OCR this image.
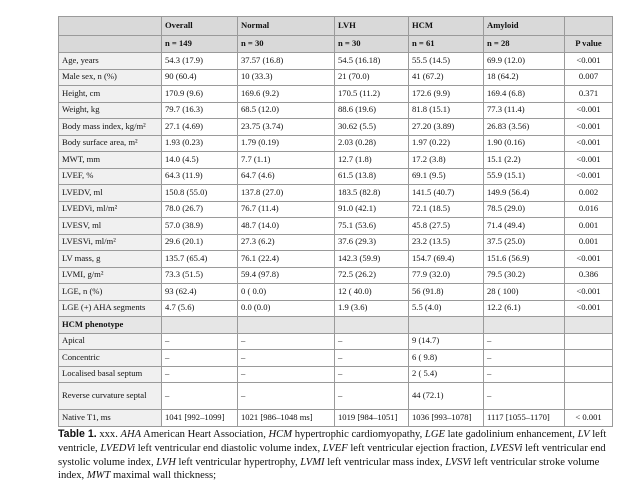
	Overall	Normal	LVH	HCM	Amyloid	
	n = 149	n = 30	n = 30	n = 61	n = 28	P value
Age, years	54.3 (17.9)	37.57 (16.8)	54.5 (16.18)	55.5 (14.5)	69.9 (12.0)	<0.001
Male sex, n (%)	90 (60.4)	10 (33.3)	21 (70.0)	41 (67.2)	18 (64.2)	0.007
Height, cm	170.9 (9.6)	169.6 (9.2)	170.5 (11.2)	172.6 (9.9)	169.4 (6.8)	0.371
Weight, kg	79.7 (16.3)	68.5 (12.0)	88.6 (19.6)	81.8 (15.1)	77.3 (11.4)	<0.001
Body mass index, kg/m²	27.1 (4.69)	23.75 (3.74)	30.62 (5.5)	27.20 (3.89)	26.83 (3.56)	<0.001
Body surface area, m²	1.93 (0.23)	1.79 (0.19)	2.03 (0.28)	1.97 (0.22)	1.90 (0.16)	<0.001
MWT, mm	14.0 (4.5)	7.7 (1.1)	12.7 (1.8)	17.2 (3.8)	15.1 (2.2)	<0.001
LVEF, %	64.3 (11.9)	64.7 (4.6)	61.5 (13.8)	69.1 (9.5)	55.9 (15.1)	<0.001
LVEDV, ml	150.8 (55.0)	137.8 (27.0)	183.5 (82.8)	141.5 (40.7)	149.9 (56.4)	0.002
LVEDVi, ml/m²	78.0 (26.7)	76.7 (11.4)	91.0 (42.1)	72.1 (18.5)	78.5 (29.0)	0.016
LVESV, ml	57.0 (38.9)	48.7 (14.0)	75.1 (53.6)	45.8 (27.5)	71.4 (49.4)	0.001
LVESVi, ml/m²	29.6 (20.1)	27.3 (6.2)	37.6 (29.3)	23.2 (13.5)	37.5 (25.0)	0.001
LV mass, g	135.7 (65.4)	76.1 (22.4)	142.3 (59.9)	154.7 (69.4)	151.6 (56.9)	<0.001
LVMI, g/m²	73.3 (51.5)	59.4 (97.8)	72.5 (26.2)	77.9 (32.0)	79.5 (30.2)	0.386
LGE, n (%)	93 (62.4)	0 ( 0.0)	12 ( 40.0)	56 (91.8)	28 ( 100)	<0.001
LGE (+) AHA segments	4.7 (5.6)	0.0 (0.0)	1.9 (3.6)	5.5 (4.0)	12.2 (6.1)	<0.001
HCM phenotype						
Apical	–	–	–	9 (14.7)	–	
Concentric	–	–	–	6 ( 9.8)	–	
Localised basal septum	–	–	–	2 ( 5.4)	–	
Reverse curvature septal	–	–	–	44 (72.1)	–	
Native T1, ms	1041 [992–1099]	1021 [986–1048 ms]	1019 [984–1051]	1036 [993–1078]	1117 [1055–1170]	< 0.001
Table 1. xxx. AHA American Heart Association, HCM hypertrophic cardiomyopathy, LGE late gadolinium enhancement, LV left ventricle, LVEDVi left ventricular end diastolic volume index, LVEF left ventricular ejection fraction, LVESVi left ventricular end systolic volume index, LVH left ventricular hypertrophy, LVMI left ventricular mass index, LVSVi left ventricular stroke volume index, MWT maximal wall thickness;
